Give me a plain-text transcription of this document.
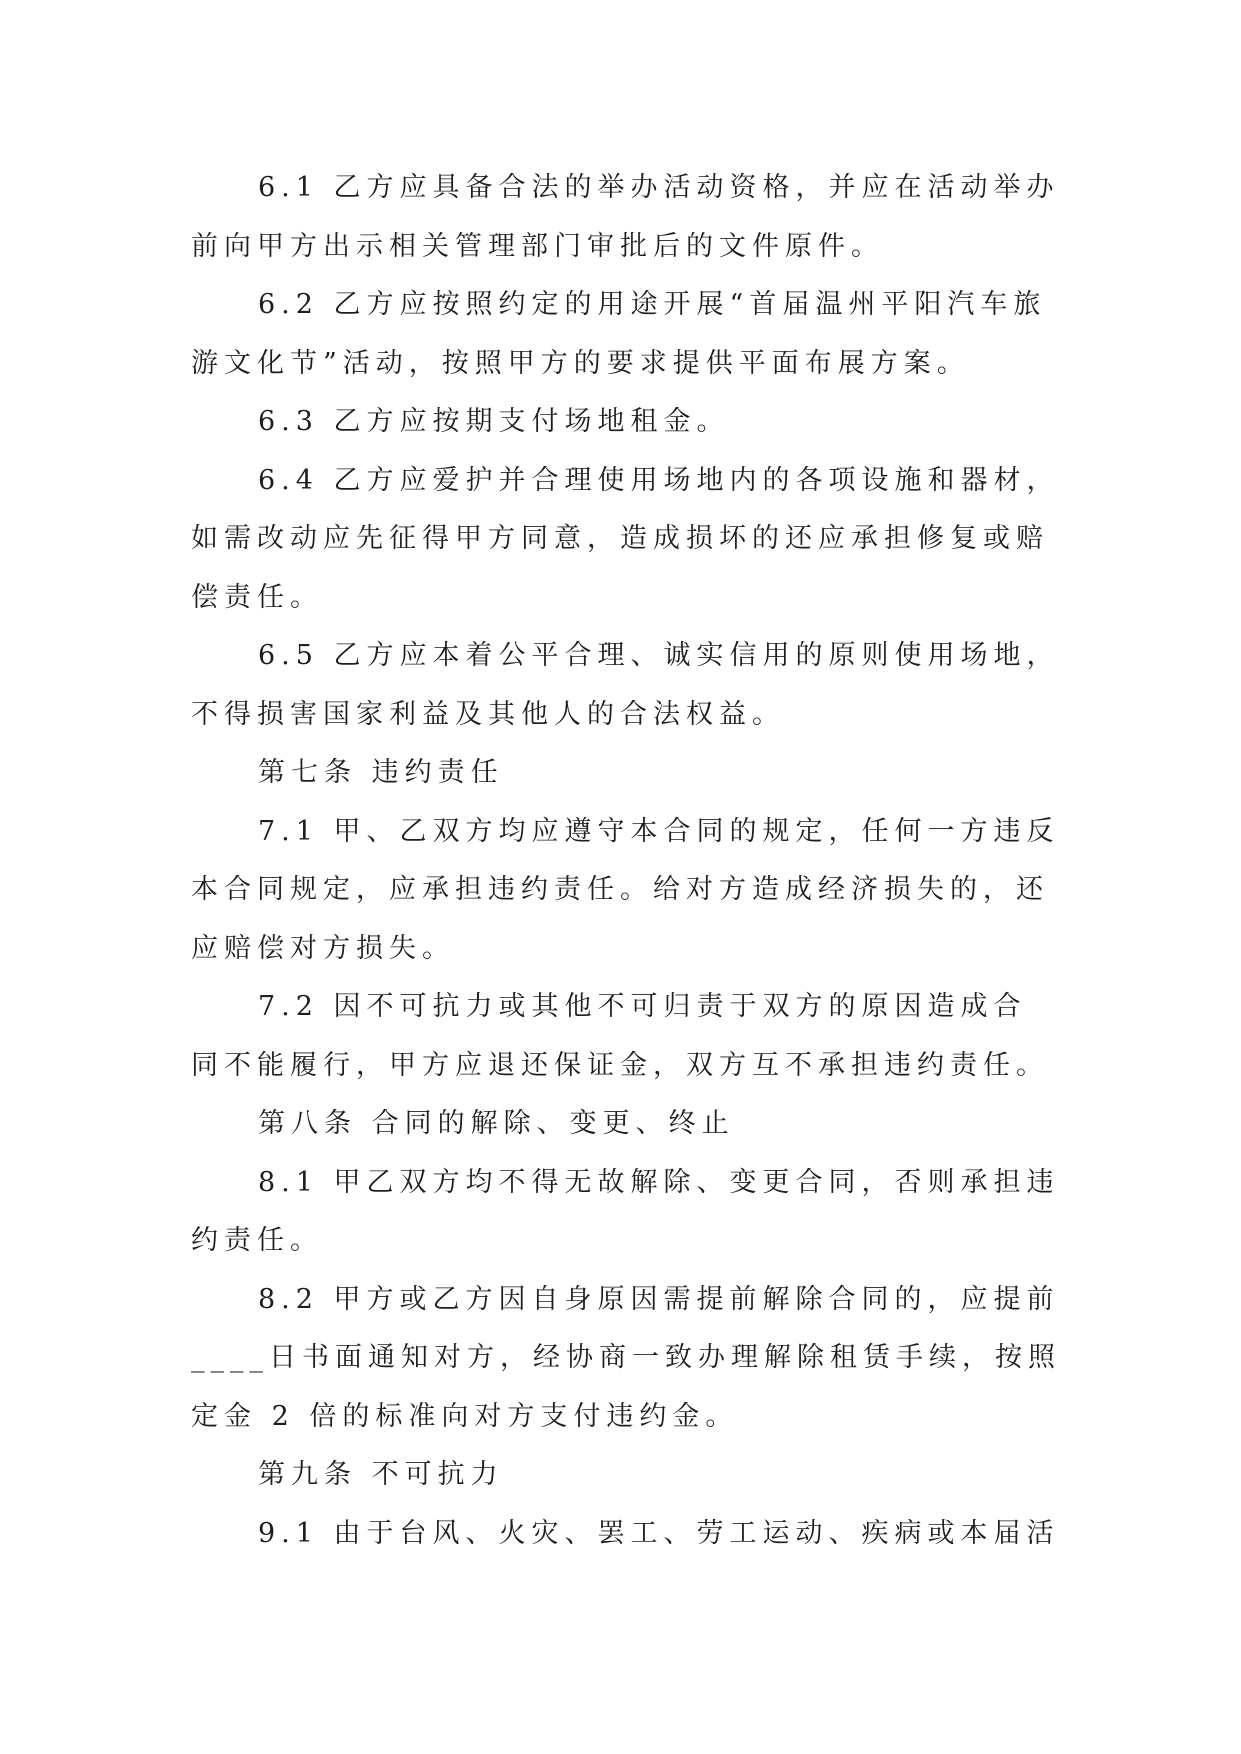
6.1 乙方应具备合法的举办活动资格，并应在活动举办
前向甲方出示相关管理部门审批后的文件原件。
6.2 乙方应按照约定的用途开展“首届温州平阳汽车旅
游文化节”活动，按照甲方的要求提供平面布展方案。
6.3 乙方应按期支付场地租金。
6.4 乙方应爱护并合理使用场地内的各项设施和器材，
如需改动应先征得甲方同意，造成损坏的还应承担修复或赔
偿责任。
6.5 乙方应本着公平合理、诚实信用的原则使用场地，
不得损害国家利益及其他人的合法权益。
第七条 违约责任
7.1 甲、乙双方均应遵守本合同的规定，任何一方违反
本合同规定，应承担违约责任。给对方造成经济损失的，还
应赔偿对方损失。
7.2 因不可抗力或其他不可归责于双方的原因造成合
同不能履行，甲方应退还保证金，双方互不承担违约责任。
第八条 合同的解除、变更、终止
8.1 甲乙双方均不得无故解除、变更合同，否则承担违
约责任。
8.2 甲方或乙方因自身原因需提前解除合同的，应提前
____日书面通知对方，经协商一致办理解除租赁手续，按照
定金 2 倍的标准向对方支付违约金。
第九条 不可抗力
9.1 由于台风、火灾、罢工、劳工运动、疾病或本届活
